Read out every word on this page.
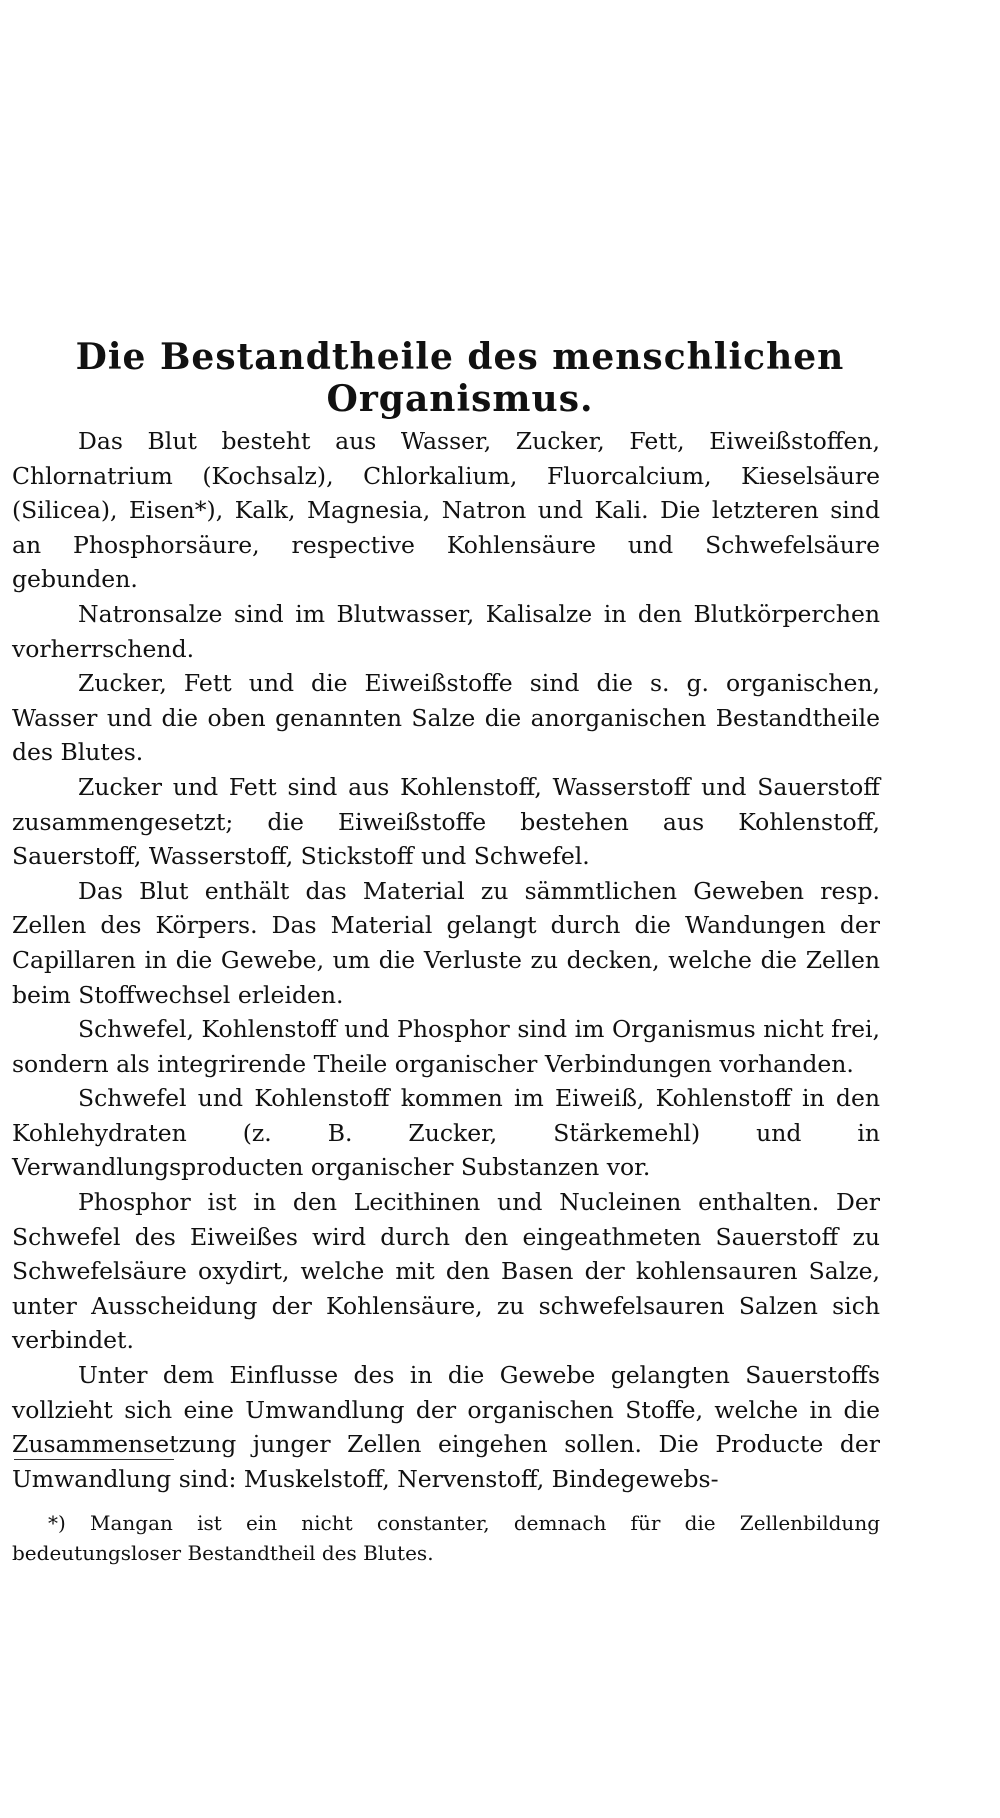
Die Bestandtheile des menschlichen Organismus.

Das Blut besteht aus Wasser, Zucker, Fett, Eiweißstoffen, Chlornatrium (Kochsalz), Chlorkalium, Fluorcalcium, Kieselsäure (Silicea), Eisen*), Kalk, Magnesia, Natron und Kali. Die letzteren sind an Phosphorsäure, respective Kohlensäure und Schwefelsäure gebunden.

Natronsalze sind im Blutwasser, Kalisalze in den Blutkörperchen vorherrschend.

Zucker, Fett und die Eiweißstoffe sind die s. g. organischen, Wasser und die oben genannten Salze die anorganischen Bestandtheile des Blutes.

Zucker und Fett sind aus Kohlenstoff, Wasserstoff und Sauerstoff zusammengesetzt; die Eiweißstoffe bestehen aus Kohlenstoff, Sauerstoff, Wasserstoff, Stickstoff und Schwefel.

Das Blut enthält das Material zu sämmtlichen Geweben resp. Zellen des Körpers. Das Material gelangt durch die Wandungen der Capillaren in die Gewebe, um die Verluste zu decken, welche die Zellen beim Stoffwechsel erleiden.

Schwefel, Kohlenstoff und Phosphor sind im Organismus nicht frei, sondern als integrirende Theile organischer Verbindungen vorhanden.

Schwefel und Kohlenstoff kommen im Eiweiß, Kohlenstoff in den Kohlehydraten (z. B. Zucker, Stärkemehl) und in Verwandlungsproducten organischer Substanzen vor.

Phosphor ist in den Lecithinen und Nucleinen enthalten. Der Schwefel des Eiweißes wird durch den eingeathmeten Sauerstoff zu Schwefelsäure oxydirt, welche mit den Basen der kohlensauren Salze, unter Ausscheidung der Kohlensäure, zu schwefelsauren Salzen sich verbindet.

Unter dem Einflusse des in die Gewebe gelangten Sauerstoffs vollzieht sich eine Umwandlung der organischen Stoffe, welche in die Zusammensetzung junger Zellen eingehen sollen. Die Producte der Umwandlung sind: Muskelstoff, Nervenstoff, Bindegewebs-

*) Mangan ist ein nicht constanter, demnach für die Zellenbildung bedeutungsloser Bestandtheil des Blutes.
